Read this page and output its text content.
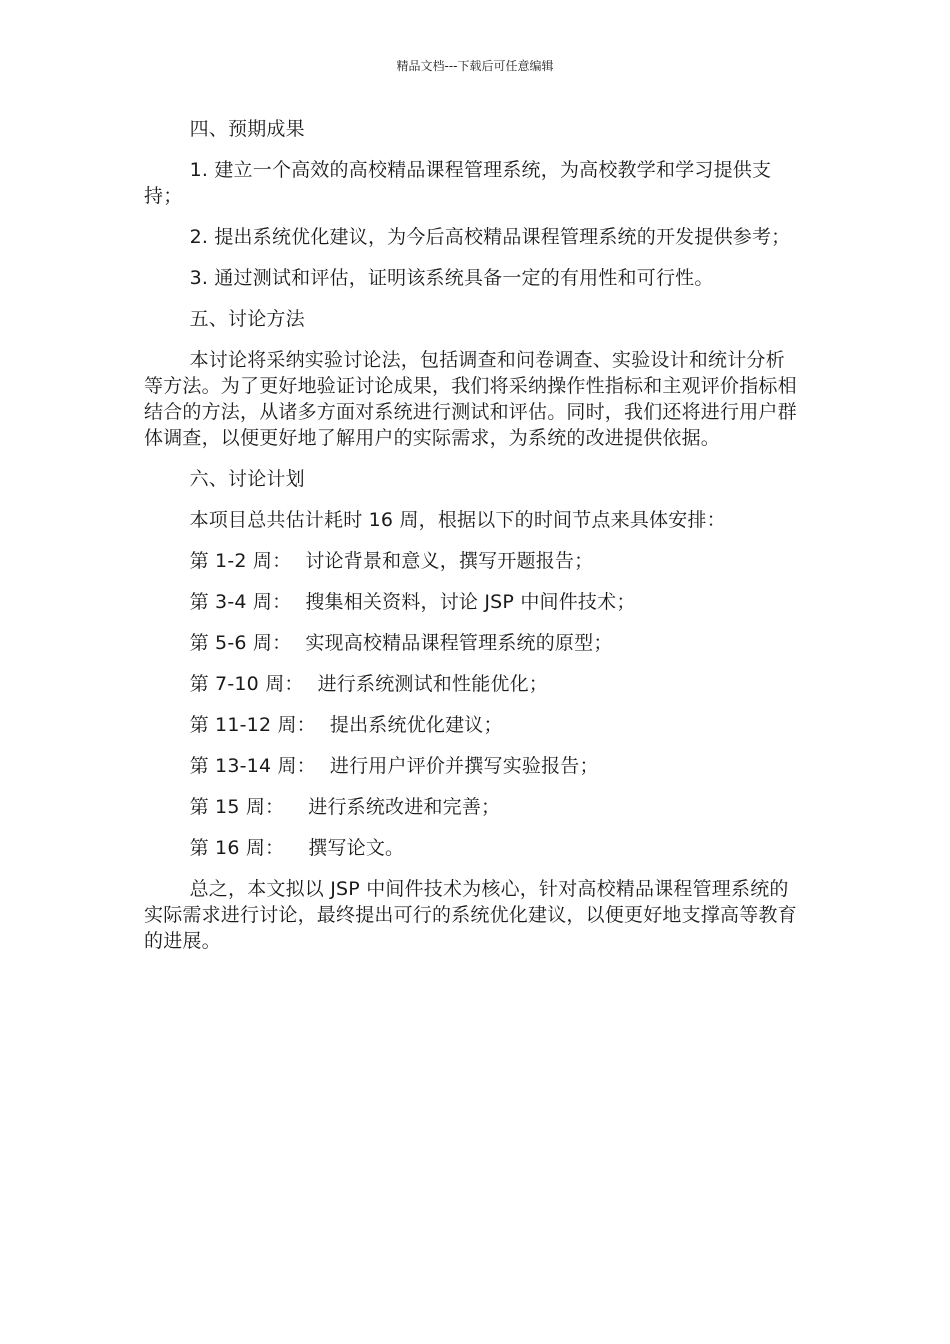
精品文档---下载后可任意编辑

四、预期成果

1. 建立一个高效的高校精品课程管理系统，为高校教学和学习提供支持；

2. 提出系统优化建议，为今后高校精品课程管理系统的开发提供参考；

3. 通过测试和评估，证明该系统具备一定的有用性和可行性。

五、讨论方法

本讨论将采纳实验讨论法，包括调查和问卷调查、实验设计和统计分析等方法。为了更好地验证讨论成果，我们将采纳操作性指标和主观评价指标相结合的方法，从诸多方面对系统进行测试和评估。同时，我们还将进行用户群体调查，以便更好地了解用户的实际需求，为系统的改进提供依据。

六、讨论计划

本项目总共估计耗时 16 周，根据以下的时间节点来具体安排：

第 1-2 周： 讨论背景和意义，撰写开题报告；

第 3-4 周： 搜集相关资料，讨论 JSP 中间件技术；

第 5-6 周： 实现高校精品课程管理系统的原型；

第 7-10 周： 进行系统测试和性能优化；

第 11-12 周： 提出系统优化建议；

第 13-14 周： 进行用户评价并撰写实验报告；

第 15 周： 进行系统改进和完善；

第 16 周： 撰写论文。

总之，本文拟以 JSP 中间件技术为核心，针对高校精品课程管理系统的实际需求进行讨论，最终提出可行的系统优化建议，以便更好地支撑高等教育的进展。
